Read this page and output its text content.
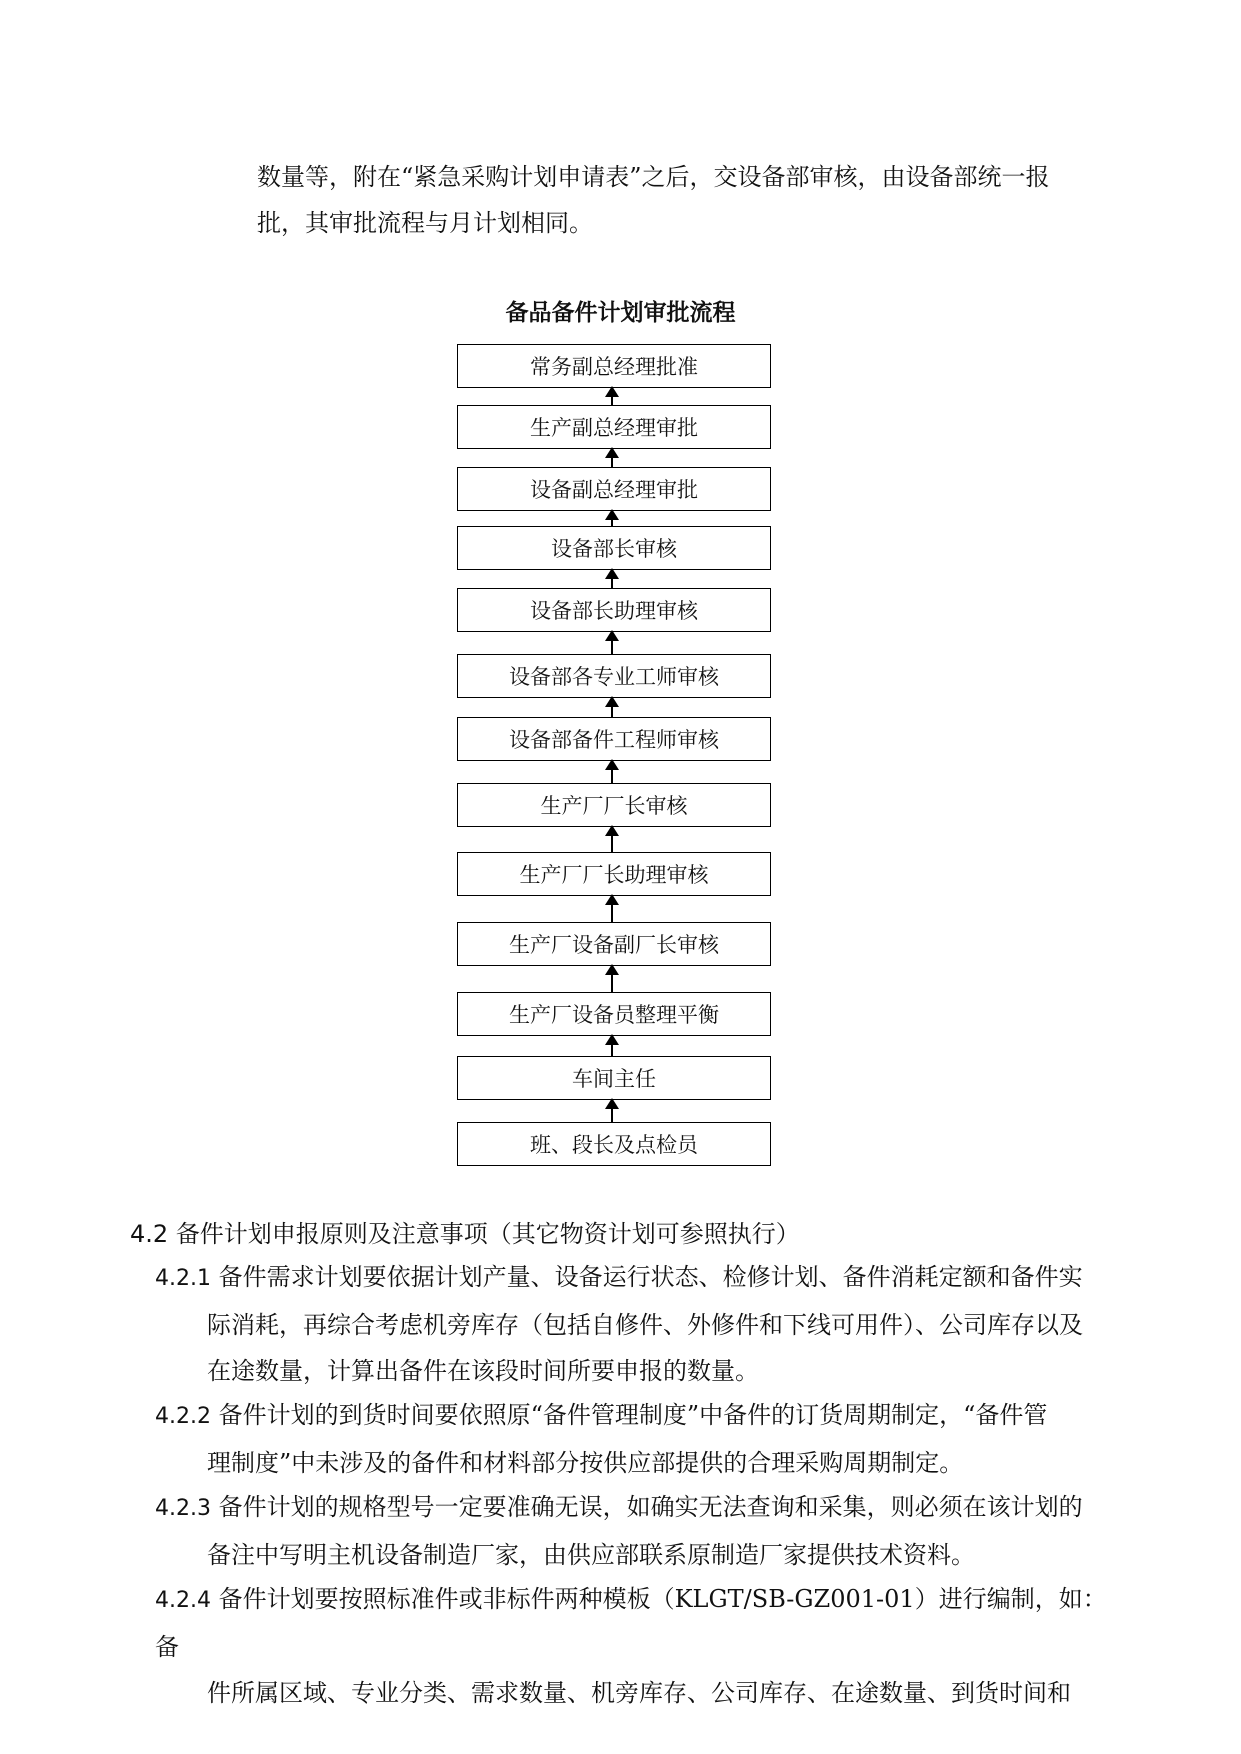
数量等，附在“紧急采购计划申请表”之后，交设备部审核，由设备部统一报

批，其审批流程与月计划相同。

备品备件计划审批流程
常务副总经理批准
生产副总经理审批
设备副总经理审批
设备部长审核
设备部长助理审核
设备部各专业工师审核
设备部备件工程师审核
生产厂厂长审核
生产厂厂长助理审核
生产厂设备副厂长审核
生产厂设备员整理平衡
车间主任
班、段长及点检员
4.2 备件计划申报原则及注意事项（其它物资计划可参照执行）
4.2.1 备件需求计划要依据计划产量、设备运行状态、检修计划、备件消耗定额和备件实
际消耗，再综合考虑机旁库存（包括自修件、外修件和下线可用件）、公司库存以及
在途数量，计算出备件在该段时间所要申报的数量。
4.2.2 备件计划的到货时间要依照原“备件管理制度”中备件的订货周期制定，“备件管
理制度”中未涉及的备件和材料部分按供应部提供的合理采购周期制定。
4.2.3 备件计划的规格型号一定要准确无误，如确实无法查询和采集，则必须在该计划的
备注中写明主机设备制造厂家，由供应部联系原制造厂家提供技术资料。
4.2.4 备件计划要按照标准件或非标件两种模板（KLGT/SB-GZ001-01）进行编制，如：备
件所属区域、专业分类、需求数量、机旁库存、公司库存、在途数量、到货时间和
